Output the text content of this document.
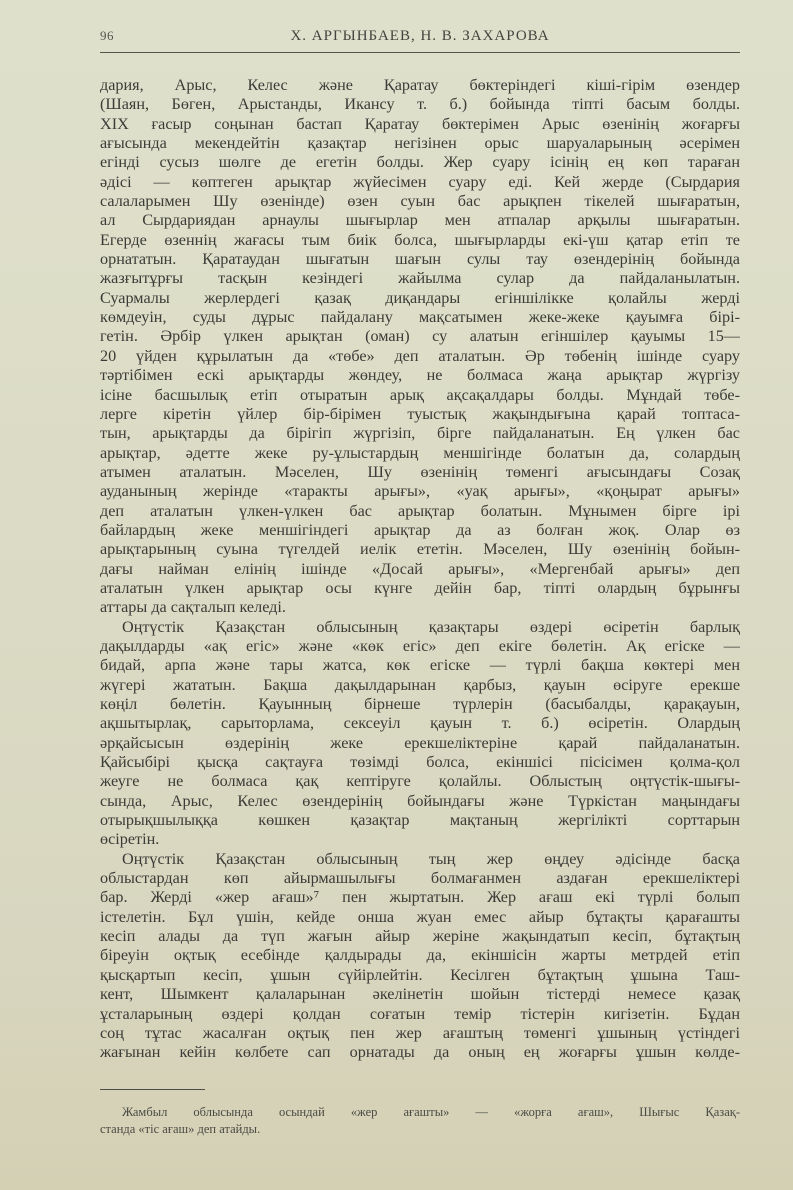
96	Х. АРГЫНБАЕВ, Н. В. ЗАХАРОВА

дария, Арыс, Келес және Қаратау бөктеріндегі кіші-гірім өзендер
(Шаян, Бөген, Арыстанды, Икансу т. б.) бойында тіпті басым болды.
XIX ғасыр соңынан бастап Қаратау бөктерімен Арыс өзенінің жоғарғы
ағысында мекендейтін қазақтар негізінен орыс шаруаларының әсерімен
егінді сусыз шөлге де егетін болды. Жер суару ісінің ең көп тараған
әдісі — көптеген арықтар жүйесімен суару еді. Кей жерде (Сырдария
салаларымен Шу өзенінде) өзен суын бас арықпен тікелей шығаратын,
ал Сырдариядан арнаулы шығырлар мен атпалар арқылы шығаратын.
Егерде өзеннің жағасы тым биік болса, шығырларды екі-үш қатар етіп те
орнататын. Қаратаудан шығатын шағын сулы тау өзендерінің бойында
жазғытұрғы тасқын кезіндегі жайылма сулар да пайдаланылатын.
Суармалы жерлердегі қазақ диқандары егіншілікке қолайлы жерді
көмдеуін, суды дұрыс пайдалану мақсатымен жеке-жеке қауымға бірі-
гетін. Әрбір үлкен арықтан (оман) су алатын егіншілер қауымы 15—
20 үйден құрылатын да «төбе» деп аталатын. Әр төбенің ішінде суару
тәртібімен ескі арықтарды жөндеу, не болмаса жаңа арықтар жүргізу
ісіне басшылық етіп отыратын арық ақсақалдары болды. Мұндай төбе-
лерге кіретін үйлер бір-бірімен туыстық жақындығына қарай топтаса-
тын, арықтарды да бірігіп жүргізіп, бірге пайдаланатын. Ең үлкен бас
арықтар, әдетте жеке ру-ұлыстардың меншігінде болатын да, солардың
атымен аталатын. Мәселен, Шу өзенінің төменгі ағысындағы Созақ
ауданының жерінде «таракты арығы», «уақ арығы», «қоңырат арығы»
деп аталатын үлкен-үлкен бас арықтар болатын. Мұнымен бірге ірі
байлардың жеке меншігіндегі арықтар да аз болған жоқ. Олар өз
арықтарының суына түгелдей иелік ететін. Мәселен, Шу өзенінің бойын-
дағы найман елінің ішінде «Досай арығы», «Мергенбай арығы» деп
аталатын үлкен арықтар осы күнге дейін бар, тіпті олардың бұрынғы
аттары да сақталып келеді.

Оңтүстік Қазақстан облысының қазақтары өздері өсіретін барлық
дақылдарды «ақ егіс» және «көк егіс» деп екіге бөлетін. Ақ егіске —
бидай, арпа және тары жатса, көк егіске — түрлі бақша көктері мен
жүгері жататын. Бақша дақылдарынан қарбыз, қауын өсіруге ерекше
көңіл бөлетін. Қауынның бірнеше түрлерін (басыбалды, қарақауын,
ақшытырлақ, сарыторлама, сексеуіл қауын т. б.) өсіретін. Олардың
әрқайсысын өздерінің жеке ерекшеліктеріне қарай пайдаланатын.
Қайсыбірі қысқа сақтауға төзімді болса, екіншісі пісісімен қолма-қол
жеуге не болмаса қақ кептіруге қолайлы. Облыстың оңтүстік-шығы-
сында, Арыс, Келес өзендерінің бойындағы және Түркістан маңындағы
отырықшылыққа көшкен қазақтар мақтаның жергілікті сорттарын
өсіретін.

Оңтүстік Қазақстан облысының тың жер өңдеу әдісінде басқа
облыстардан көп айырмашылығы болмағанмен аздаған ерекшеліктері
бар. Жерді «жер ағаш»⁷ пен жыртатын. Жер ағаш екі түрлі болып
істелетін. Бұл үшін, кейде онша жуан емес айыр бұтақты қарағашты
кесіп алады да түп жағын айыр жеріне жақындатып кесіп, бұтақтың
біреуін оқтық есебінде қалдырады да, екіншісін жарты метрдей етіп
қысқартып кесіп, ұшын сүйірлейтін. Кесілген бұтақтың ұшына Таш-
кент, Шымкент қалаларынан әкелінетін шойын тістерді немесе қазақ
ұсталарының өздері қолдан соғатын темір тістерін кигізетін. Бұдан
соң тұтас жасалған оқтық пен жер ағаштың төменгі ұшының үстіндегі
жағынан кейін көлбете сап орнатады да оның ең жоғарғы ұшын көлде-

Жамбыл облысында осындай «жер ағашты» — «жорға ағаш», Шығыс Қазақ-
станда «тіс ағаш» деп атайды.
